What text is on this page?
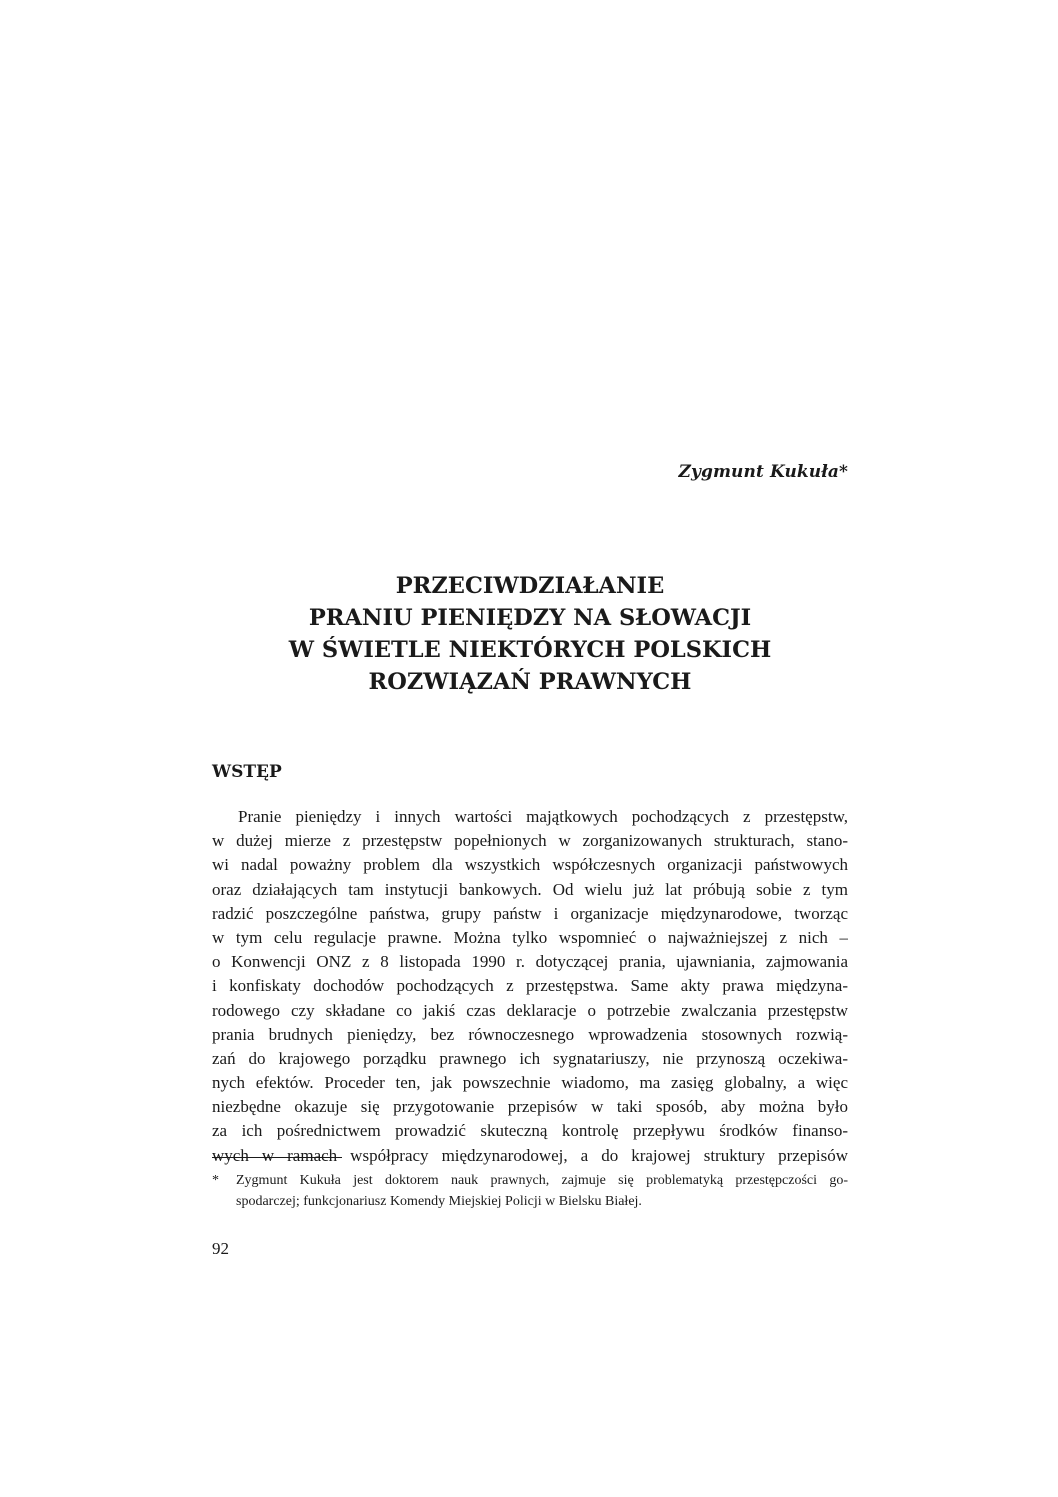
Zygmunt Kukuła*
PRZECIWDZIAŁANIE
PRANIU PIENIĘDZY NA SŁOWACJI
W ŚWIETLE NIEKTÓRYCH POLSKICH
ROZWIĄZAŃ PRAWNYCH
WSTĘP
Pranie pieniędzy i innych wartości majątkowych pochodzących z przestępstw,
w dużej mierze z przestępstw popełnionych w zorganizowanych strukturach, stano-
wi nadal poważny problem dla wszystkich współczesnych organizacji państwowych
oraz działających tam instytucji bankowych. Od wielu już lat próbują sobie z tym
radzić poszczególne państwa, grupy państw i organizacje międzynarodowe, tworząc
w tym celu regulacje prawne. Można tylko wspomnieć o najważniejszej z nich –
o Konwencji ONZ z 8 listopada 1990 r. dotyczącej prania, ujawniania, zajmowania
i konfiskaty dochodów pochodzących z przestępstwa. Same akty prawa międzyna-
rodowego czy składane co jakiś czas deklaracje o potrzebie zwalczania przestępstw
prania brudnych pieniędzy, bez równoczesnego wprowadzenia stosownych rozwią-
zań do krajowego porządku prawnego ich sygnatariuszy, nie przynoszą oczekiwa-
nych efektów. Proceder ten, jak powszechnie wiadomo, ma zasięg globalny, a więc
niezbędne okazuje się przygotowanie przepisów w taki sposób, aby można było
za ich pośrednictwem prowadzić skuteczną kontrolę przepływu środków finanso-
wych w ramach współpracy międzynarodowej, a do krajowej struktury przepisów
* Zygmunt Kukuła jest doktorem nauk prawnych, zajmuje się problematyką przestępczości go-
spodarczej; funkcjonariusz Komendy Miejskiej Policji w Bielsku Białej.
92
